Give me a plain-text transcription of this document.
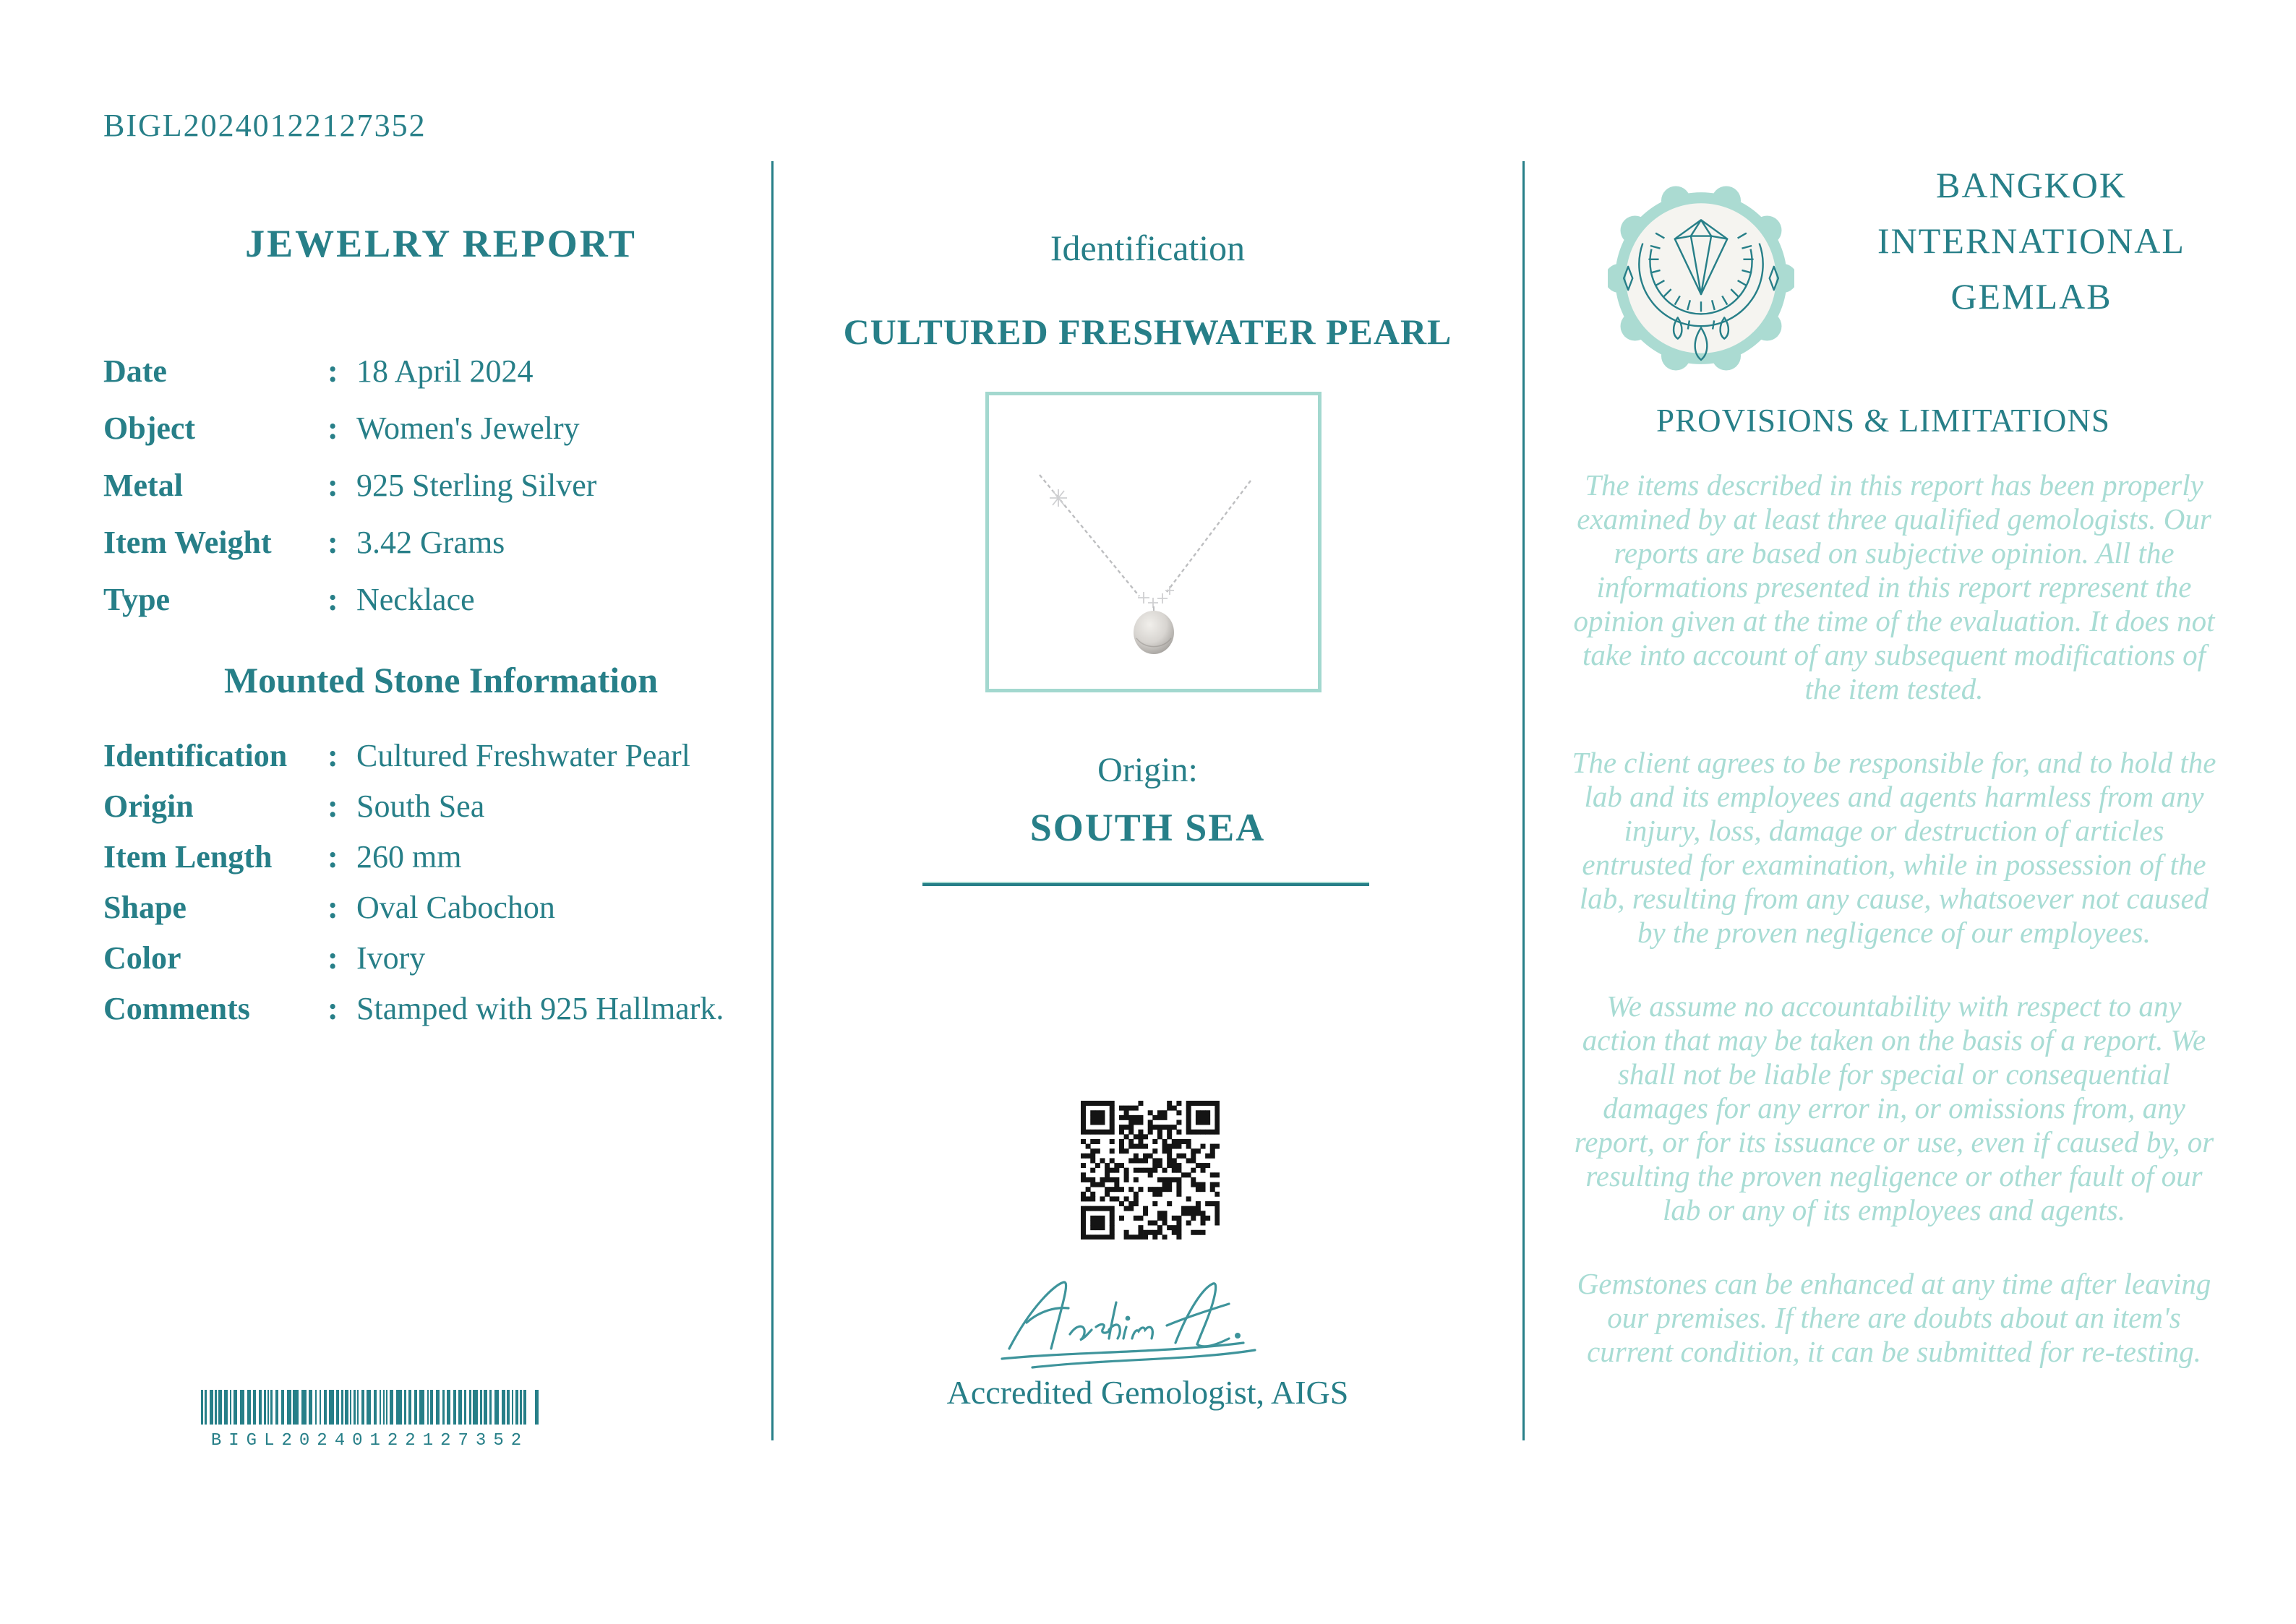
BIGL20240122127352
JEWELRY REPORT
Date	: 18 April 2024
Object	: Women's Jewelry
Metal	: 925 Sterling Silver
Item Weight	: 3.42 Grams
Type	: Necklace
Mounted Stone Information
Identification	: Cultured Freshwater Pearl
Origin	: South Sea
Item Length	: 260 mm
Shape	: Oval Cabochon
Color	: Ivory
Comments	: Stamped with 925 Hallmark.
BIGL20240122127352
Identification
CULTURED FRESHWATER PEARL
Origin:
SOUTH SEA
Accredited Gemologist, AIGS
BANGKOK
INTERNATIONAL
GEMLAB
PROVISIONS & LIMITATIONS

The items described in this report has been properly examined by at least three qualified gemologists. Our reports are based on subjective opinion. All the informations presented in this report represent the opinion given at the time of the evaluation. It does not take into account of any subsequent modifications of the item tested.

The client agrees to be responsible for, and to hold the lab and its employees and agents harmless from any injury, loss, damage or destruction of articles entrusted for examination, while in possession of the lab, resulting from any cause, whatsoever not caused by the proven negligence of our employees.

We assume no accountability with respect to any action that may be taken on the basis of a report. We shall not be liable for special or consequential damages for any error in, or omissions from, any report, or for its issuance or use, even if caused by, or resulting the proven negligence or other fault of our lab or any of its employees and agents.

Gemstones can be enhanced at any time after leaving our premises. If there are doubts about an item's current condition, it can be submitted for re-testing.
